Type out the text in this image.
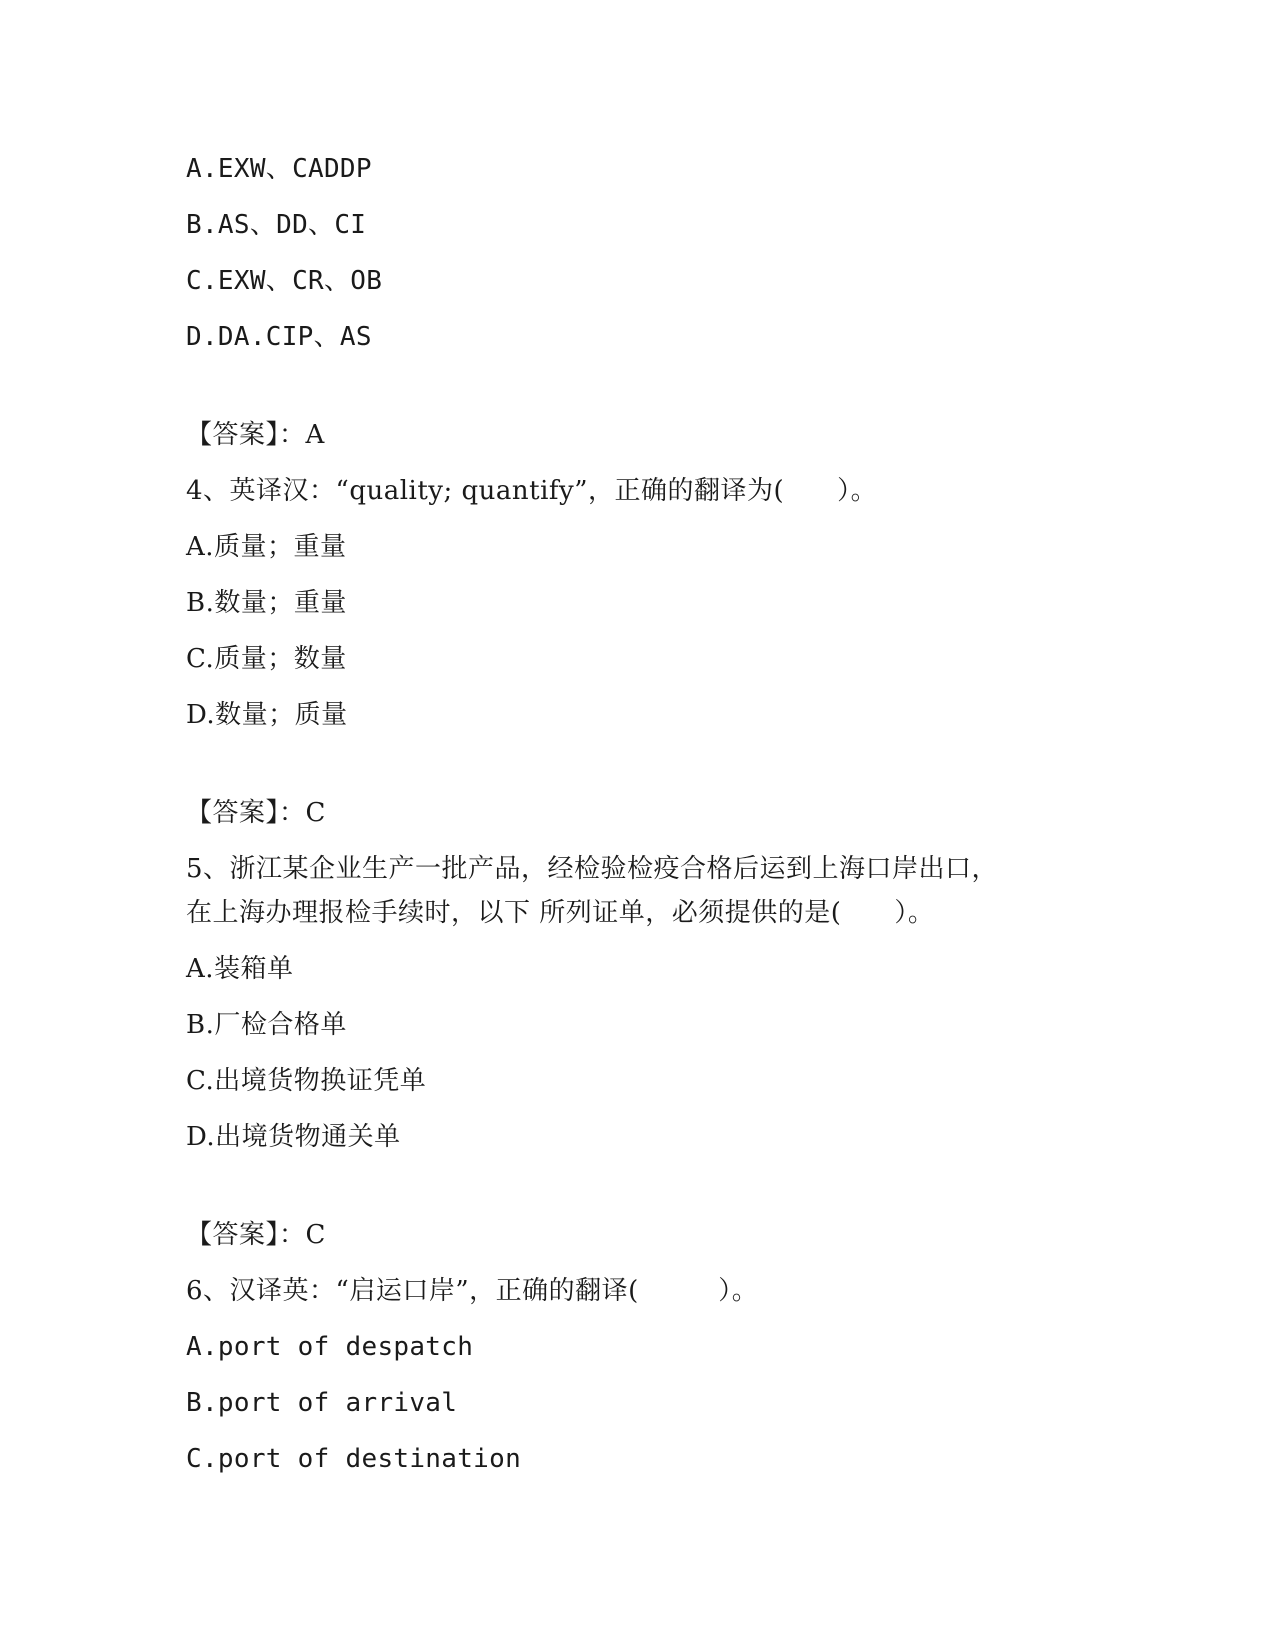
A.EXW、CADDP
B.AS、DD、CI
C.EXW、CR、OB
D.DA.CIP、AS
【答案】：A
4、英译汉：“quality; quantify”，正确的翻译为(　　）。
A.质量；重量
B.数量；重量
C.质量；数量
D.数量；质量
【答案】：C
5、浙江某企业生产一批产品，经检验检疫合格后运到上海口岸出口，
在上海办理报检手续时，以下 所列证单，必须提供的是(　　）。
A.装箱单
B.厂检合格单
C.出境货物换证凭单
D.出境货物通关单
【答案】：C
6、汉译英：“启运口岸”，正确的翻译(　　　）。
A.port of despatch
B.port of arrival
C.port of destination
